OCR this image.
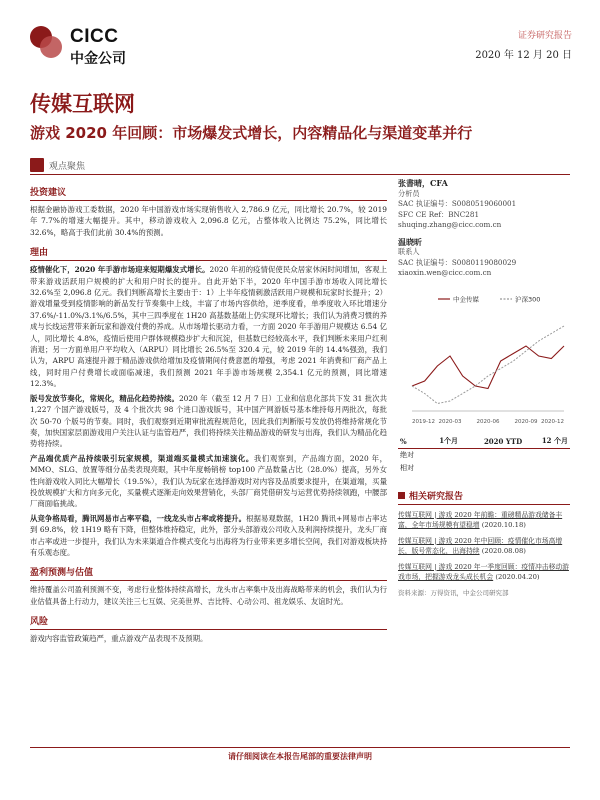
CICC
中金公司
证券研究报告
2020 年 12 月 20 日
传媒互联网
游戏 2020 年回顾：市场爆发式增长，内容精品化与渠道变革并行
观点聚焦
投资建议

根据金融协游戏工委数据，2020 年中国游戏市场实现销售收入 2,786.9 亿元，同比增长 20.7%，较 2019 年 7.7%的增速大幅提升。其中，移动游戏收入 2,096.8 亿元，占整体收入比例达 75.2%，同比增长 32.6%，略高于我们此前 30.4%的预测。

理由

疫情催化下，2020 年手游市场迎来短期爆发式增长。2020 年初的疫情促使民众居家休闲时间增加，客观上带来游戏活跃用户规模的扩大和用户时长的提升。自此开始下半，2020 年中国手游市场收入同比增长 32.6%至 2,096.8 亿元。我们判断高增长主要由于：1）上半年疫情刺激活跃用户规模和玩家时长提升；2）游戏增量受到疫情影响的新品发行节奏集中上线，丰富了市场内容供给，逆季度看，单季度收入环比增速分 37.6%/-11.0%/3.1%/6.5%，其中三四季度在 1H20 高基数基础上仍实现环比增长；我们认为消费习惯的养成与长线运营带来新玩家和游戏付费的养成。从市场增长驱动力看，一方面 2020 年手游用户规模达 6.54 亿人，同比增长 4.8%，疫情后使用户群体规模稳步扩大和沉淀，但基数已经较高水平，我们判断未来用户红利消退；另一方面单用户平均收入（ARPU）同比增长 26.5%至 320.4 元，较 2019 年的 14.4%强劲，我们认为，ARPU 高速提升源于精品游戏供给增加及疫情期间付费意愿的增强，考虑 2021 年消费和厂商产品上线，同时用户付费增长或面临减速，我们预测 2021 年手游市场规模 2,354.1 亿元的预测，同比增速 12.3%。

版号发放节奏化，常规化，精品化趋势持续。2020 年（截至 12 月 7 日）工业和信息化部共下发 31 批次共 1,227 个国产游戏版号，及 4 个批次共 98 个进口游戏版号，其中国产网游版号基本维持每月两批次，每批次 50-70 个版号的节奏。同时，我们观察到近期审批流程规范化，因此我们判断版号发放仍将维持常规化节奏，加快国家层面游戏用户关注认证与监管趋严，我们将持续关注精品游戏的研发与出海，我们认为精品化趋势将持续。

产品端优质产品持续吸引玩家规模，渠道端买量模式加速演化。我们观察到，产品端方面，2020 年，MMO、SLG、放置等细分品类表现亮眼，其中年度畅销榜 top100 产品数量占比（28.0%）提高，另外女性向游戏收入同比大幅增长（19.5%），我们认为玩家在选择游戏时对内容及品质要求提升，在渠道端，买量投放规模扩大和方向多元化，买量模式逐渐走向效果营销化，头部厂商凭借研发与运营优势持续领跑，中腰部厂商面临挑战。

从竞争格局看，腾讯网易市占率平稳，一线龙头市占率或将提升。根据易观数据，1H20 腾讯+网易市占率达到 69.8%，较 1H19 略有下降，但整体维持稳定，此外，部分头部游戏公司收入及利润持续提升，龙头厂商市占率或进一步提升，我们认为未来渠道合作模式变化与出海将为行业带来更多增长空间，我们对游戏板块持有乐观态度。

盈利预测与估值

维持覆盖公司盈利预测不变，考虑行业整体持续高增长，龙头市占率集中及出海战略带来的机会，我们认为行业估值具备上行动力，建议关注三七互娱、完美世界、吉比特、心动公司、祖龙娱乐、友谊时光。

风险

游戏内容监管政策趋严，重点游戏产品表现不及预期。

张書晴，CFA
分析员
SAC 执证编号：S0080519060001
SFC CE Ref：BNC281
shuqing.zhang@cicc.com.cn
温晓昕
联系人
SAC 执证编号：S0080119080029
xiaoxin.wen@cicc.com.cn
中金传媒	沪深300
2019-12 2020-03	2020-06	2020-09 2020-12
%	1个月	2020 YTD	12 个月
绝对			
相对			
相关研究报告
传媒互联网 | 游戏 2020 年前瞻：重磅精品游戏储备丰富，全年市场规模有望稳增 (2020.10.18)
传媒互联网 | 游戏 2020 年中回顾：疫情催化市场高增长，版号常态化，出海持续 (2020.08.08)
传媒互联网 | 游戏 2020 年一季度回顾：疫情冲击移动游戏市场，把握游戏龙头成长机会 (2020.04.20)
资料来源：万得资讯，中金公司研究部
请仔细阅读在本报告尾部的重要法律声明
